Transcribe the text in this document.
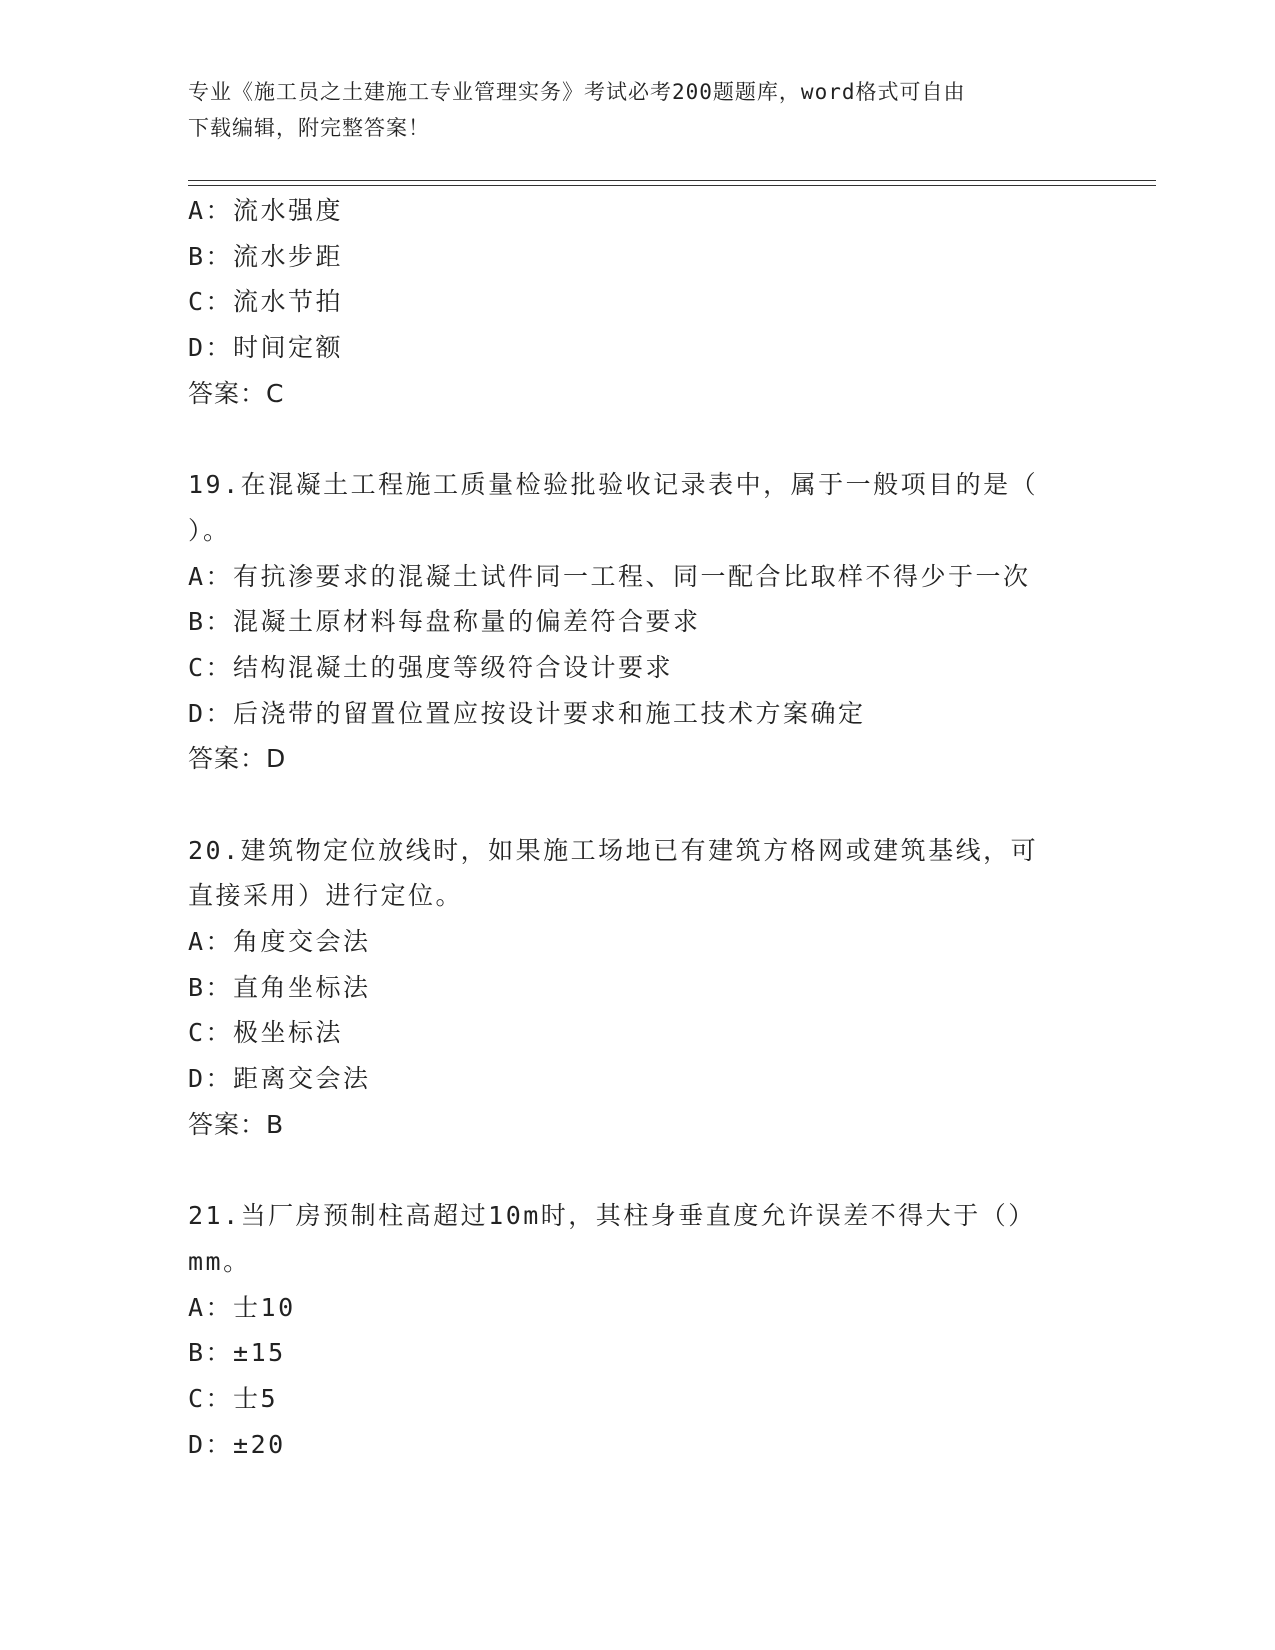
专业《施工员之土建施工专业管理实务》考试必考200题题库，word格式可自由
下载编辑，附完整答案！
A：流水强度
B：流水步距
C：流水节拍
D：时间定额
答案：C
19.在混凝土工程施工质量检验批验收记录表中，属于一般项目的是（
）。
A：有抗渗要求的混凝土试件同一工程、同一配合比取样不得少于一次
B：混凝土原材料每盘称量的偏差符合要求
C：结构混凝土的强度等级符合设计要求
D：后浇带的留置位置应按设计要求和施工技术方案确定
答案：D
20.建筑物定位放线时，如果施工场地已有建筑方格网或建筑基线，可
直接采用）进行定位。
A：角度交会法
B：直角坐标法
C：极坐标法
D：距离交会法
答案：B
21.当厂房预制柱高超过10m时，其柱身垂直度允许误差不得大于（）
mm。
A：士10
B：±15
C：士5
D：±20
